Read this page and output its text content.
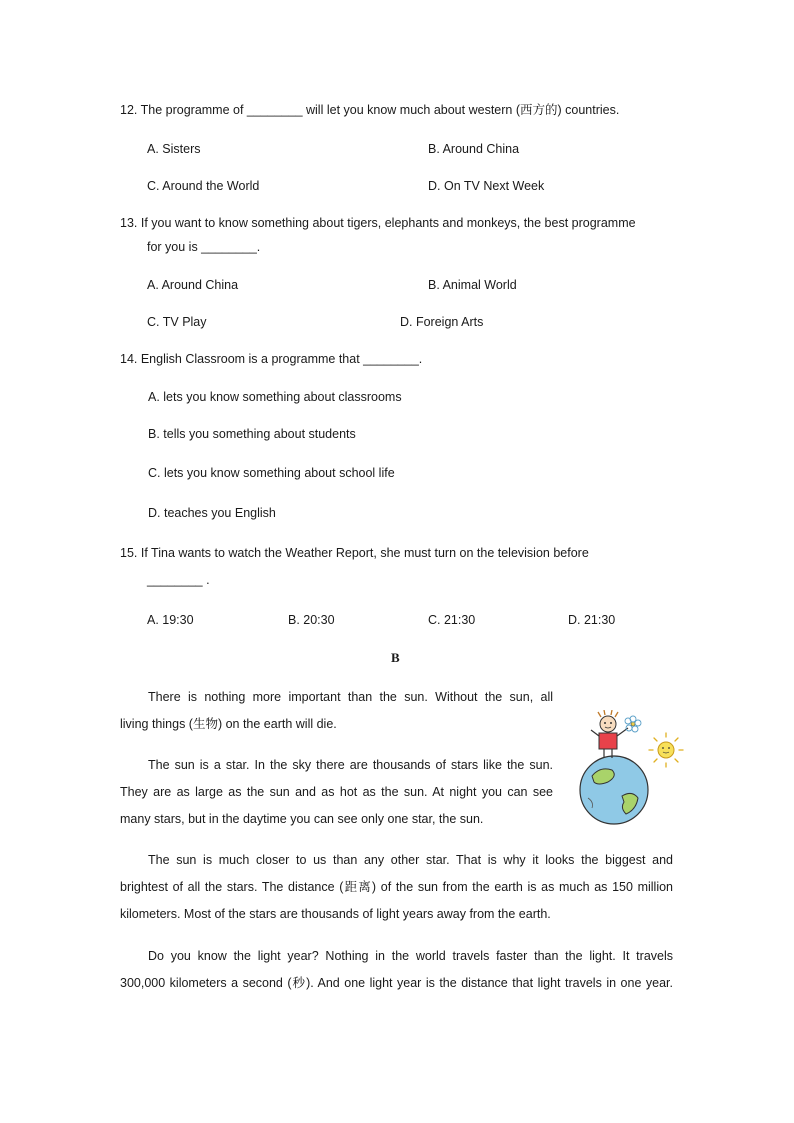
12. The programme of ________ will let you know much about western (西方的) countries.
A. Sisters	B. Around China
C. Around the World	D. On TV Next Week
13. If you want to know something about tigers, elephants and monkeys, the best programme
for you is ________.
A. Around China	B. Animal World
C. TV Play	D. Foreign Arts
14. English Classroom is a programme that ________.
A. lets you know something about classrooms
B. tells you something about students
C. lets you know something about school life
D. teaches you English
15. If Tina wants to watch the Weather Report, she must turn on the television before
________ .
A. 19:30	B. 20:30	C. 21:30	D. 21:30
B
There is nothing more important than the sun. Without the sun, all
living things (生物) on the earth will die.
The sun is a star. In the sky there are thousands of stars like the sun.
They are as large as the sun and as hot as the sun. At night you can see
many stars, but in the daytime you can see only one star, the sun.
The sun is much closer to us than any other star. That is why it looks the biggest and
brightest of all the stars. The distance (距离) of the sun from the earth is as much as 150 million
kilometers. Most of the stars are thousands of light years away from the earth.
Do you know the light year? Nothing in the world travels faster than the light. It travels
300,000 kilometers a second (秒). And one light year is the distance that light travels in one year.
